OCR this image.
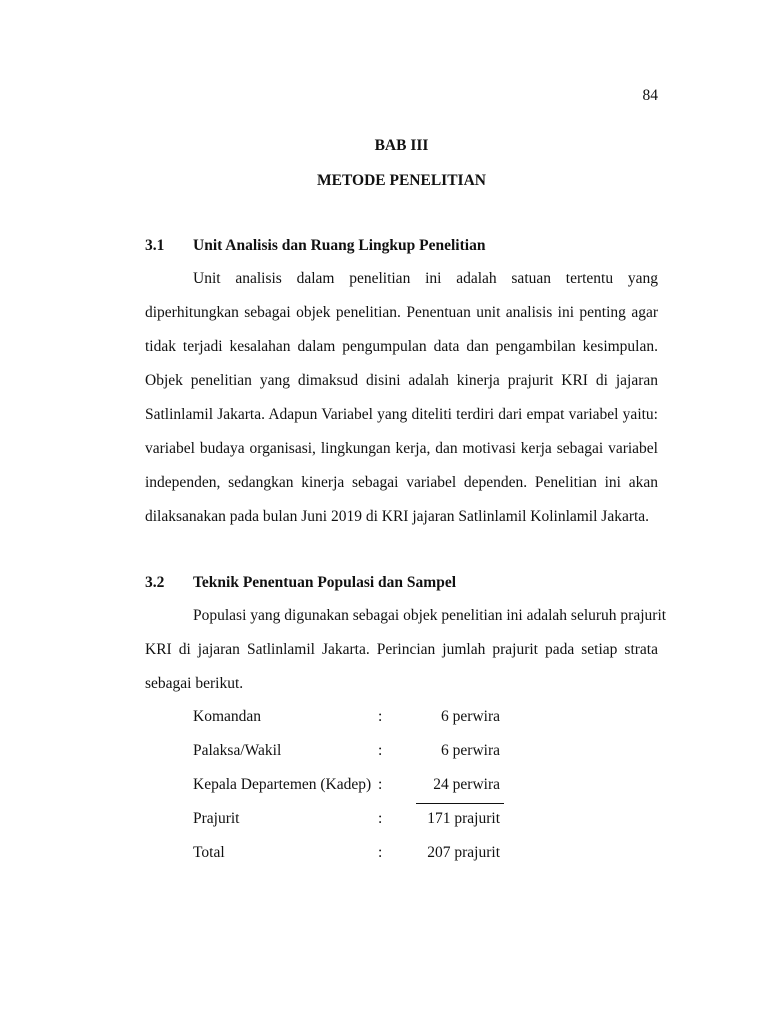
84
BAB III
METODE PENELITIAN
3.1 Unit Analisis dan Ruang Lingkup Penelitian

Unit analisis dalam penelitian ini adalah satuan tertentu yang
diperhitungkan sebagai objek penelitian. Penentuan unit analisis ini penting agar
tidak terjadi kesalahan dalam pengumpulan data dan pengambilan kesimpulan.
Objek penelitian yang dimaksud disini adalah kinerja prajurit KRI di jajaran
Satlinlamil Jakarta. Adapun Variabel yang diteliti terdiri dari empat variabel yaitu:
variabel budaya organisasi, lingkungan kerja, dan motivasi kerja sebagai variabel
independen, sedangkan kinerja sebagai variabel dependen. Penelitian ini akan
dilaksanakan pada bulan Juni 2019 di KRI jajaran Satlinlamil Kolinlamil Jakarta.

3.2 Teknik Penentuan Populasi dan Sampel

Populasi yang digunakan sebagai objek penelitian ini adalah seluruh prajurit
KRI di jajaran Satlinlamil Jakarta. Perincian jumlah prajurit pada setiap strata
sebagai berikut.

Komandan	:	6 perwira
Palaksa/Wakil	:	6 perwira
Kepala Departemen (Kadep) :	24 perwira
Prajurit	:	171 prajurit
Total	:	207 prajurit
